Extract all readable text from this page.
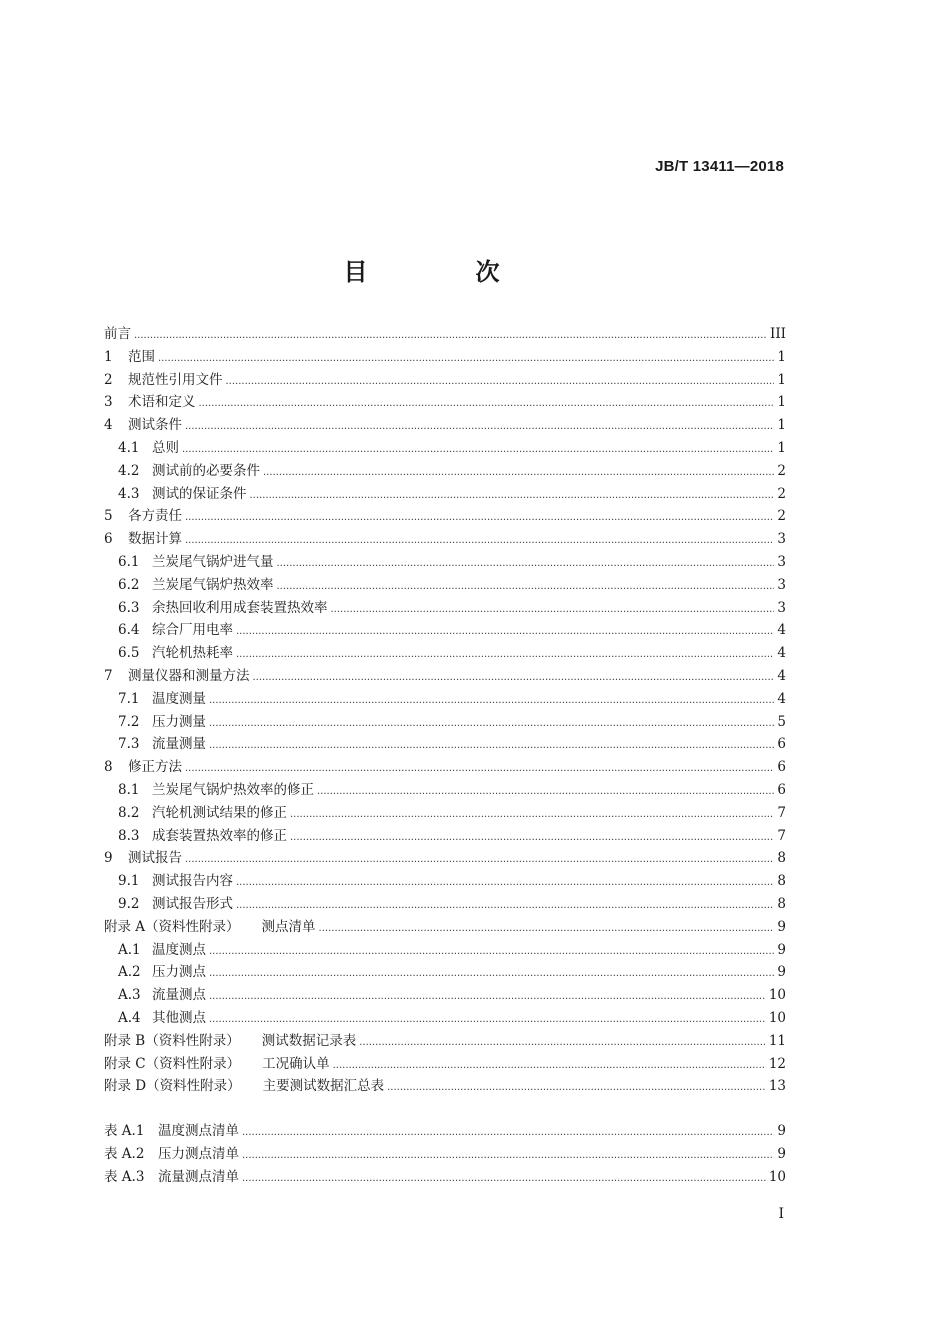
JB/T 13411—2018
目　次
前言 .....	III
1	范围 .....	1
2	规范性引用文件 .....	1
3	术语和定义 .....	1
4	测试条件 .....	1
4.1 总则 .....	1
4.2 测试前的必要条件 .....	2
4.3 测试的保证条件 .....	2
5	各方责任 .....	2
6	数据计算 .....	3
6.1 兰炭尾气锅炉进气量 .....	3
6.2 兰炭尾气锅炉热效率 .....	3
6.3 余热回收利用成套装置热效率 .....	3
6.4 综合厂用电率 .....	4
6.5 汽轮机热耗率 .....	4
7	测量仪器和测量方法 .....	4
7.1 温度测量 .....	4
7.2 压力测量 .....	5
7.3 流量测量 .....	6
8	修正方法 .....	6
8.1 兰炭尾气锅炉热效率的修正 .....	6
8.2 汽轮机测试结果的修正 .....	7
8.3 成套装置热效率的修正 .....	7
9	测试报告 .....	8
9.1 测试报告内容 .....	8
9.2 测试报告形式 .....	8
附录 A（资料性附录） 测点清单 .....	9
A.1 温度测点 .....	9
A.2 压力测点 .....	9
A.3 流量测点 .....	10
A.4 其他测点 .....	10
附录 B（资料性附录） 测试数据记录表 .....	11
附录 C（资料性附录） 工况确认单 .....	12
附录 D（资料性附录） 主要测试数据汇总表 .....	13
表 A.1	温度测点清单 .....	9
表 A.2	压力测点清单 .....	9
表 A.3	流量测点清单 .....	10
I
